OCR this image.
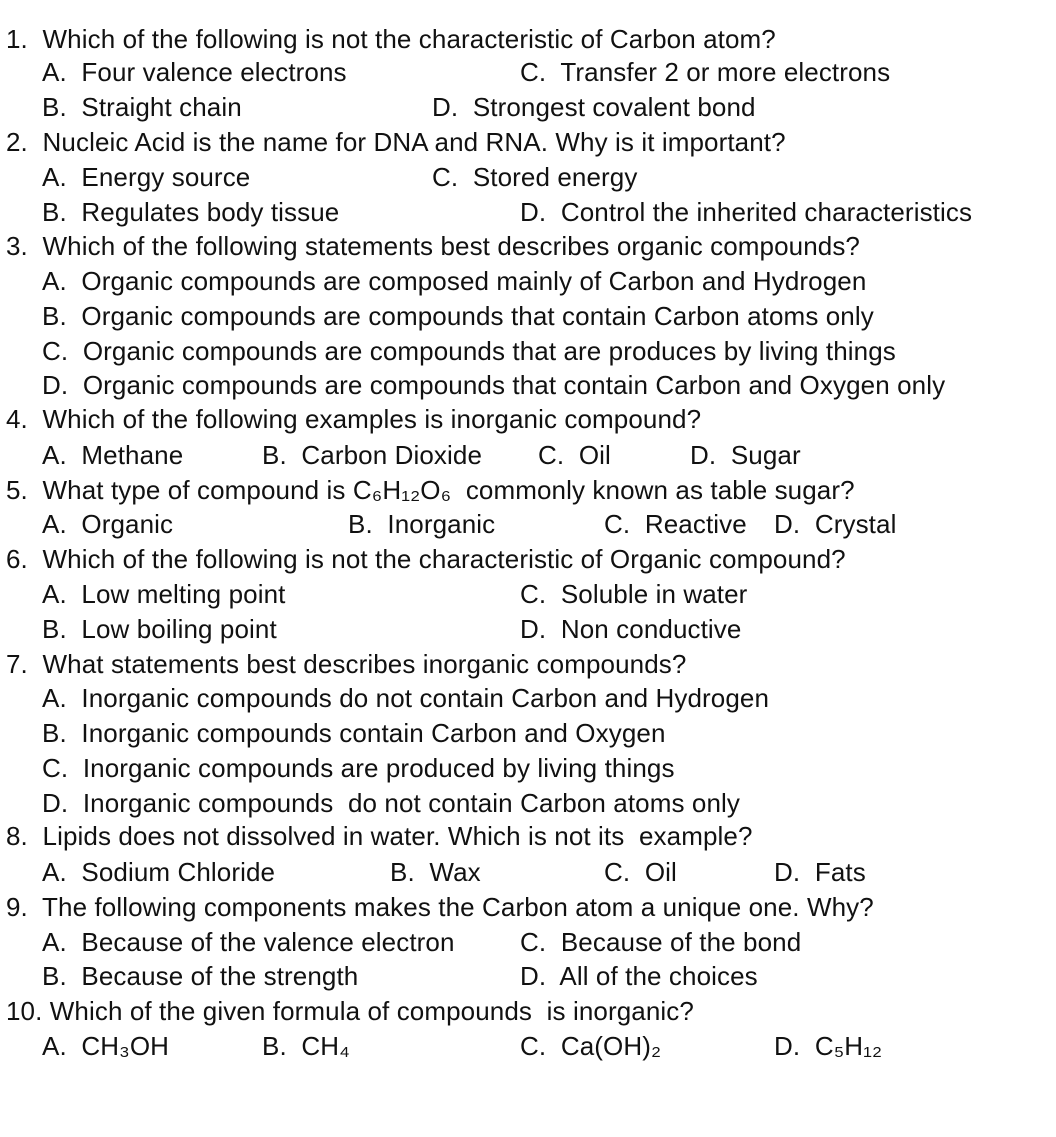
1.  Which of the following is not the characteristic of Carbon atom?
A.  Four valence electrons	C.  Transfer 2 or more electrons
B.  Straight chain	D.  Strongest covalent bond
2.  Nucleic Acid is the name for DNA and RNA. Why is it important?
A.  Energy source	C.  Stored energy
B.  Regulates body tissue	D.  Control the inherited characteristics
3.  Which of the following statements best describes organic compounds?
A.  Organic compounds are composed mainly of Carbon and Hydrogen
B.  Organic compounds are compounds that contain Carbon atoms only
C.  Organic compounds are compounds that are produces by living things
D.  Organic compounds are compounds that contain Carbon and Oxygen only
4.  Which of the following examples is inorganic compound?
A.  Methane	B.  Carbon Dioxide C.  Oil	D.  Sugar
5.  What type of compound is C₆H₁₂O₆  commonly known as table sugar?
A.  Organic	B.  Inorganic	C.  Reactive D.  Crystal
6.  Which of the following is not the characteristic of Organic compound?
A.  Low melting point	C.  Soluble in water
B.  Low boiling point	D.  Non conductive
7.  What statements best describes inorganic compounds?
A.  Inorganic compounds do not contain Carbon and Hydrogen
B.  Inorganic compounds contain Carbon and Oxygen
C.  Inorganic compounds are produced by living things
D.  Inorganic compounds  do not contain Carbon atoms only
8.  Lipids does not dissolved in water. Which is not its  example?
A.  Sodium Chloride	B.  Wax	C.  Oil	D.  Fats
9.  The following components makes the Carbon atom a unique one. Why?
A.  Because of the valence electron	C.  Because of the bond
B.  Because of the strength	D.  All of the choices
10. Which of the given formula of compounds  is inorganic?
A.  CH₃OH	B.  CH₄	C.  Ca(OH)₂	D.  C₅H₁₂
